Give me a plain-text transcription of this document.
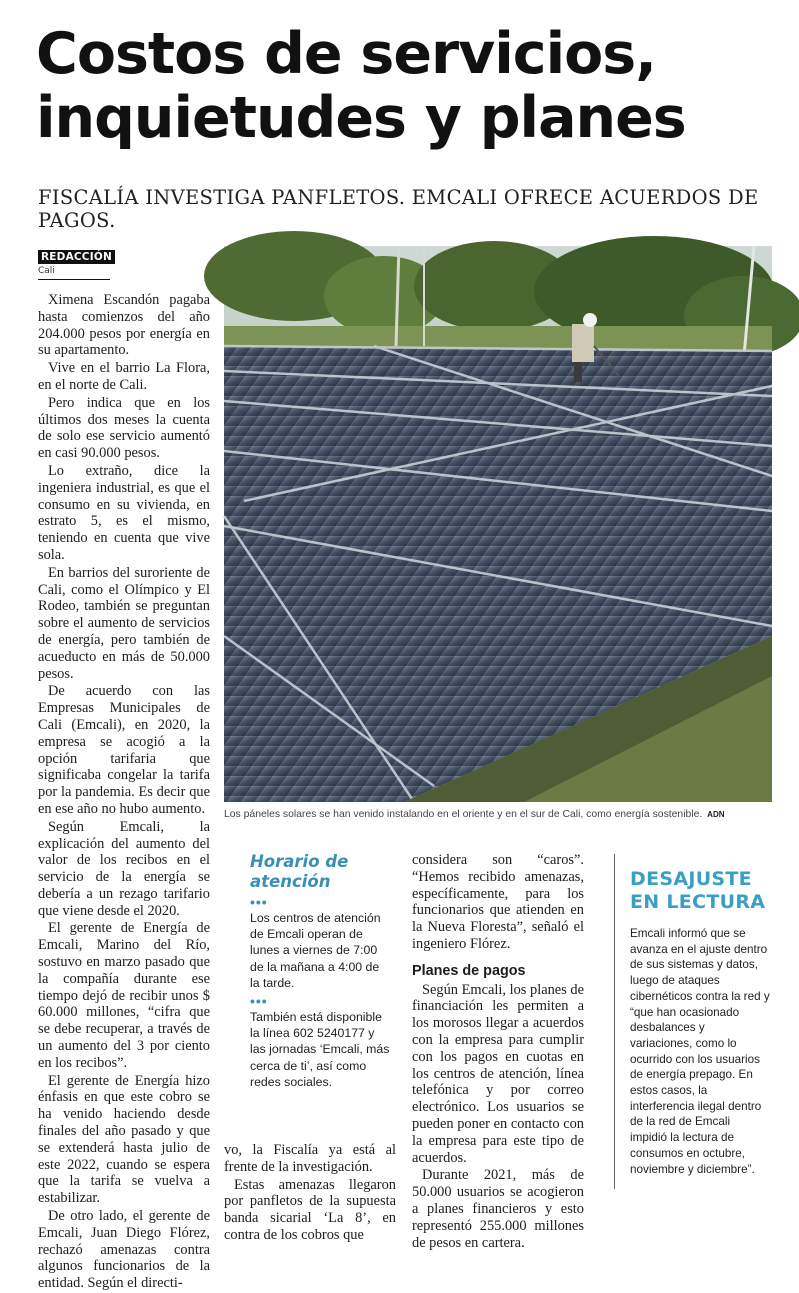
Costos de servicios,
inquietudes y planes
FISCALÍA INVESTIGA PANFLETOS. EMCALI OFRECE ACUERDOS DE PAGOS.
REDACCIÓN
Cali

Ximena Escandón pagaba hasta comienzos del año 204.000 pesos por energía en su apartamento.

Vive en el barrio La Flora, en el norte de Cali.

Pero indica que en los últimos dos meses la cuenta de solo ese servicio aumentó en casi 90.000 pesos.

Lo extraño, dice la ingeniera industrial, es que el consumo en su vivienda, en estrato 5, es el mismo, teniendo en cuenta que vive sola.

En barrios del suroriente de Cali, como el Olímpico y El Rodeo, también se preguntan sobre el aumento de servicios de energía, pero también de acueducto en más de 50.000 pesos.

De acuerdo con las Empresas Municipales de Cali (Emcali), en 2020, la empresa se acogió a la opción tarifaria que significaba congelar la tarifa por la pandemia. Es decir que en ese año no hubo aumento.

Según Emcali, la explicación del aumento del valor de los recibos en el servicio de la energía se debería a un rezago tarifario que viene desde el 2020.

El gerente de Energía de Emcali, Marino del Río, sostuvo en marzo pasado que la compañía durante ese tiempo dejó de recibir unos $ 60.000 millones, “cifra que se debe recuperar, a través de un aumento del 3 por ciento en los recibos”.

El gerente de Energía hizo énfasis en que este cobro se ha venido haciendo desde finales del año pasado y que se extenderá hasta julio de este 2022, cuando se espera que la tarifa se vuelva a estabilizar.

De otro lado, el gerente de Emcali, Juan Diego Flórez, rechazó amenazas contra algunos funcionarios de la entidad. Según el directi-

Los páneles solares se han venido instalando en el oriente y en el sur de Cali, como energía sostenible. ADN
Horario de atención
•••

Los centros de atención de Emcali operan de lunes a viernes de 7:00 de la mañana a 4:00 de la tarde.

•••

También está disponible la línea 602 5240177 y las jornadas ‘Emcali, más cerca de ti’, así como redes sociales.

vo, la Fiscalía ya está al frente de la investigación.

Estas amenazas llegaron por panfletos de la supuesta banda sicarial ‘La 8’, en contra de los cobros que

considera son “caros”. “Hemos recibido amenazas, específicamente, para los funcionarios que atienden en la Nueva Floresta”, señaló el ingeniero Flórez.

Planes de pagos

Según Emcali, los planes de financiación les permiten a los morosos llegar a acuerdos con la empresa para cumplir con los pagos en cuotas en los centros de atención, línea telefónica y por correo electrónico. Los usuarios se pueden poner en contacto con la empresa para este tipo de acuerdos.

Durante 2021, más de 50.000 usuarios se acogieron a planes financieros y esto representó 255.000 millones de pesos en cartera.

DESAJUSTE
EN LECTURA

Emcali informó que se avanza en el ajuste dentro de sus sistemas y datos, luego de ataques cibernéticos contra la red y “que han ocasionado desbalances y variaciones, como lo ocurrido con los usuarios de energía prepago. En estos casos, la interferencia ilegal dentro de la red de Emcali impidió la lectura de consumos en octubre, noviembre y diciembre”.
